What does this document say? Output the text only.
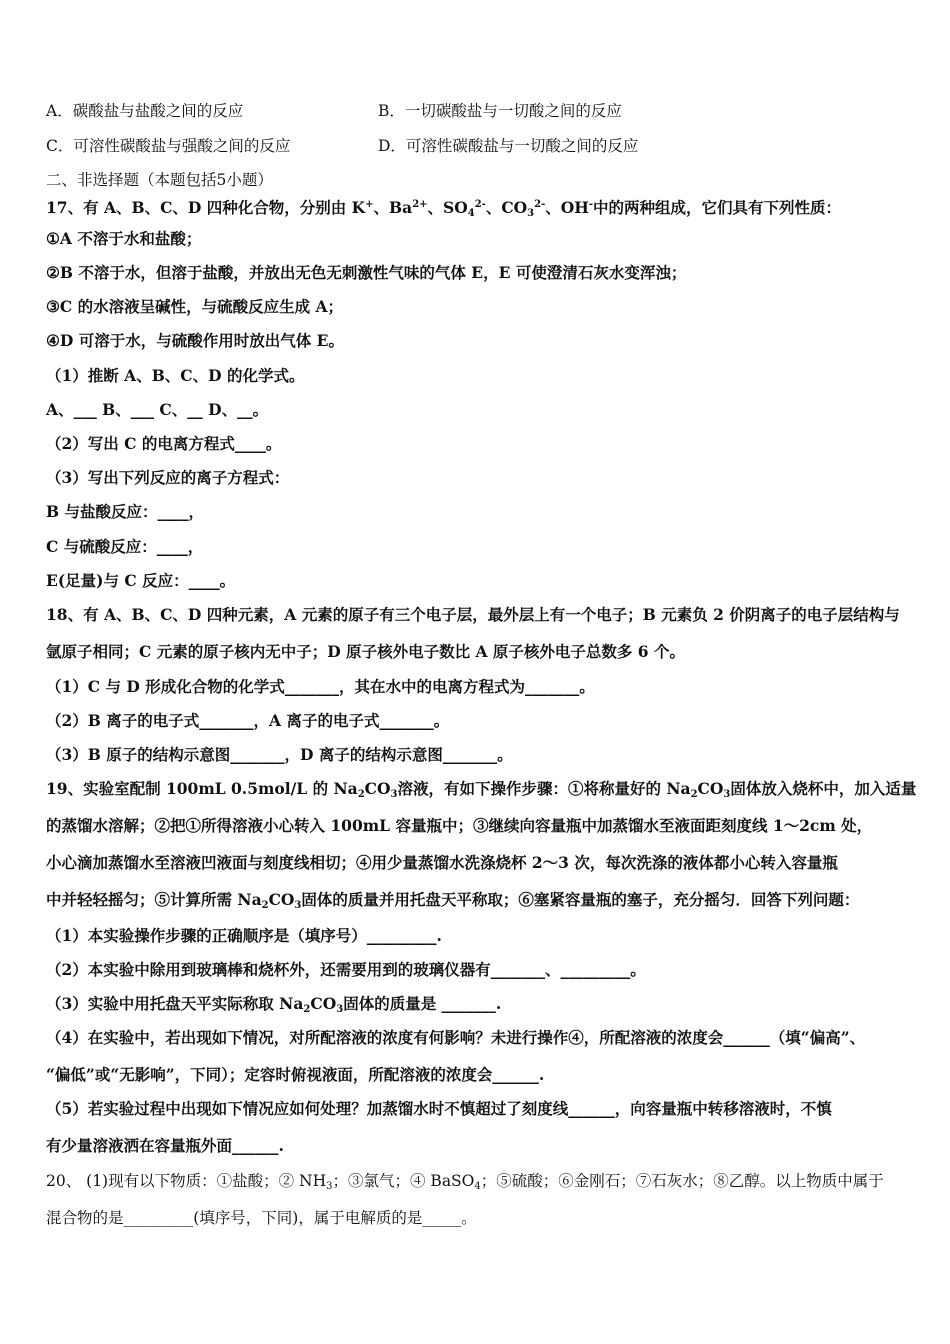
A．碳酸盐与盐酸之间的反应	B．一切碳酸盐与一切酸之间的反应
C．可溶性碳酸盐与强酸之间的反应	D．可溶性碳酸盐与一切酸之间的反应
二、非选择题（本题包括5小题）
17、有 A、B、C、D 四种化合物，分别由 K+、$Ba^{2+}$、$SO_4^{2-}$、$CO_3^{2-}$、OH-中的两种组成，它们具有下列性质：
①A 不溶于水和盐酸；
②B 不溶于水，但溶于盐酸，并放出无色无刺激性气味的气体 E，E 可使澄清石灰水变浑浊；
③C 的水溶液呈碱性，与硫酸反应生成 A；
④D 可溶于水，与硫酸作用时放出气体 E。
（1）推断 A、B、C、D 的化学式。
A、___ B、___ C、__ D、__。
（2）写出 C 的电离方程式____。
（3）写出下列反应的离子方程式：
B 与盐酸反应：____，
C 与硫酸反应：____，
E(足量)与 C 反应：____。
18、有 A、B、C、D 四种元素，A 元素的原子有三个电子层，最外层上有一个电子；B 元素负 2 价阴离子的电子层结构与
氩原子相同；C 元素的原子核内无中子；D 原子核外电子数比 A 原子核外电子总数多 6 个。
（1）C 与 D 形成化合物的化学式_______，其在水中的电离方程式为_______。
（2）B 离子的电子式_______，A 离子的电子式_______。
（3）B 原子的结构示意图_______，D 离子的结构示意图_______。
19、实验室配制 100mL 0.5mol/L 的 $Na_2CO_3$溶液，有如下操作步骤：①将称量好的 $Na_2CO_3$固体放入烧杯中，加入适量
的蒸馏水溶解；②把①所得溶液小心转入 100mL 容量瓶中；③继续向容量瓶中加蒸馏水至液面距刻度线 1～2cm 处，
小心滴加蒸馏水至溶液凹液面与刻度线相切；④用少量蒸馏水洗涤烧杯 2～3 次，每次洗涤的液体都小心转入容量瓶
中并轻轻摇匀；⑤计算所需 $Na_2CO_3$固体的质量并用托盘天平称取；⑥塞紧容量瓶的塞子，充分摇匀．回答下列问题：
（1）本实验操作步骤的正确顺序是（填序号）_________.
（2）本实验中除用到玻璃棒和烧杯外，还需要用到的玻璃仪器有_______、_________。
（3）实验中用托盘天平实际称取 $Na_2CO_3$固体的质量是 _______.
（4）在实验中，若出现如下情况，对所配溶液的浓度有何影响？未进行操作④，所配溶液的浓度会______（填“偏高”、
“偏低”或“无影响”，下同）；定容时俯视液面，所配溶液的浓度会______.
（5）若实验过程中出现如下情况应如何处理？加蒸馏水时不慎超过了刻度线______，向容量瓶中转移溶液时，不慎
有少量溶液洒在容量瓶外面______.
20、 (1)现有以下物质：①盐酸；② $NH_3$；③氯气；④ BaSO$_4$；⑤硫酸；⑥金刚石；⑦石灰水；⑧乙醇。以上物质中属于
混合物的是_________(填序号，下同)，属于电解质的是_____。
